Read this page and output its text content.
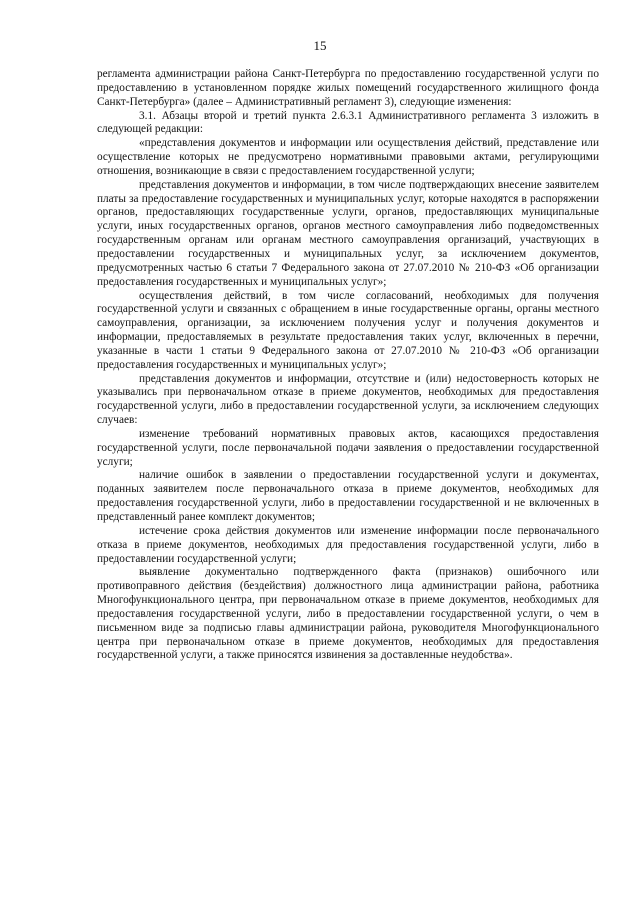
15

регламента администрации района Санкт-Петербурга по предоставлению государственной услуги по предоставлению в установленном порядке жилых помещений государственного жилищного фонда Санкт-Петербурга» (далее – Административный регламент 3), следующие изменения:

3.1. Абзацы второй и третий пункта 2.6.3.1 Административного регламента 3 изложить в следующей редакции:

«представления документов и информации или осуществления действий, представление или осуществление которых не предусмотрено нормативными правовыми актами, регулирующими отношения, возникающие в связи с предоставлением государственной услуги;

представления документов и информации, в том числе подтверждающих внесение заявителем платы за предоставление государственных и муниципальных услуг, которые находятся в распоряжении органов, предоставляющих государственные услуги, органов, предоставляющих муниципальные услуги, иных государственных органов, органов местного самоуправления либо подведомственных государственным органам или органам местного самоуправления организаций, участвующих в предоставлении государственных и муниципальных услуг, за исключением документов, предусмотренных частью 6 статьи 7 Федерального закона от 27.07.2010 № 210-ФЗ «Об организации предоставления государственных и муниципальных услуг»;

осуществления действий, в том числе согласований, необходимых для получения государственной услуги и связанных с обращением в иные государственные органы, органы местного самоуправления, организации, за исключением получения услуг и получения документов и информации, предоставляемых в результате предоставления таких услуг, включенных в перечни, указанные в части 1 статьи 9 Федерального закона от 27.07.2010 № 210-ФЗ «Об организации предоставления государственных и муниципальных услуг»;

представления документов и информации, отсутствие и (или) недостоверность которых не указывались при первоначальном отказе в приеме документов, необходимых для предоставления государственной услуги, либо в предоставлении государственной услуги, за исключением следующих случаев:

изменение требований нормативных правовых актов, касающихся предоставления государственной услуги, после первоначальной подачи заявления о предоставлении государственной услуги;

наличие ошибок в заявлении о предоставлении государственной услуги и документах, поданных заявителем после первоначального отказа в приеме документов, необходимых для предоставления государственной услуги, либо в предоставлении государственной и не включенных в представленный ранее комплект документов;

истечение срока действия документов или изменение информации после первоначального отказа в приеме документов, необходимых для предоставления государственной услуги, либо в предоставлении государственной услуги;

выявление документально подтвержденного факта (признаков) ошибочного или противоправного действия (бездействия) должностного лица администрации района, работника Многофункционального центра, при первоначальном отказе в приеме документов, необходимых для предоставления государственной услуги, либо в предоставлении государственной услуги, о чем в письменном виде за подписью главы администрации района, руководителя Многофункционального центра при первоначальном отказе в приеме документов, необходимых для предоставления государственной услуги, а также приносятся извинения за доставленные неудобства».
